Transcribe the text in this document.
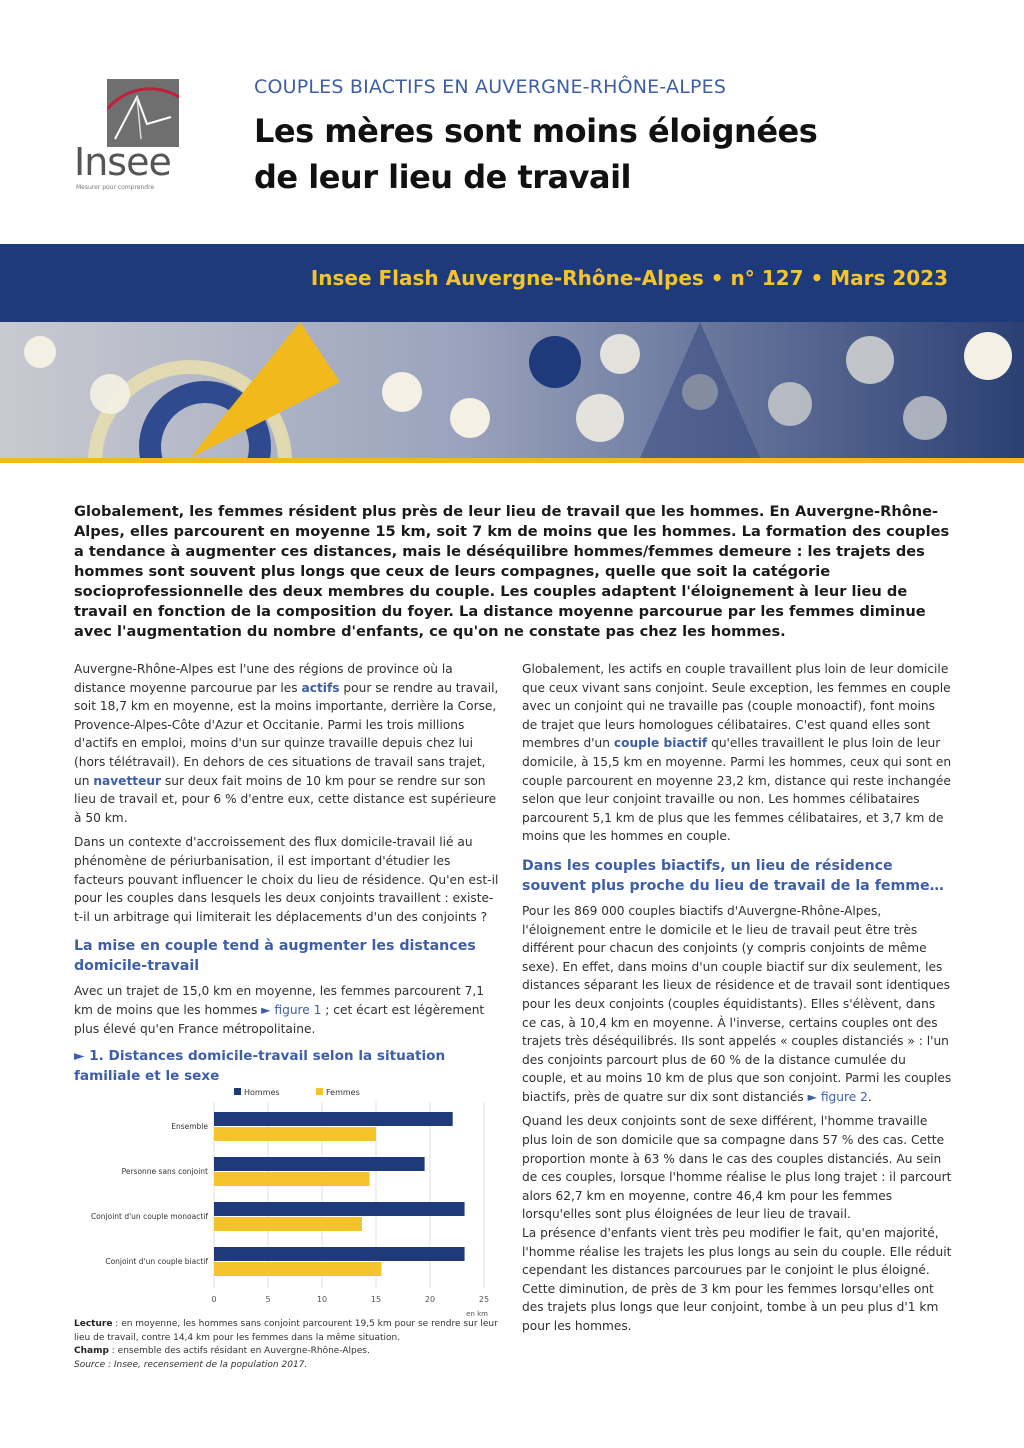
Insee
Mesurer pour comprendre
COUPLES BIACTIFS EN AUVERGNE-RHÔNE-ALPES
Les mères sont moins éloignées
de leur lieu de travail
Insee Flash Auvergne-Rhône-Alpes • n° 127 • Mars 2023

Globalement, les femmes résident plus près de leur lieu de travail que les hommes. En Auvergne-Rhône-Alpes, elles parcourent en moyenne 15 km, soit 7 km de moins que les hommes. La formation des couples a tendance à augmenter ces distances, mais le déséquilibre hommes/femmes demeure : les trajets des hommes sont souvent plus longs que ceux de leurs compagnes, quelle que soit la catégorie socioprofessionnelle des deux membres du couple. Les couples adaptent l'éloignement à leur lieu de travail en fonction de la composition du foyer. La distance moyenne parcourue par les femmes diminue avec l'augmentation du nombre d'enfants, ce qu'on ne constate pas chez les hommes.

Auvergne-Rhône-Alpes est l'une des régions de province où la distance moyenne parcourue par les actifs pour se rendre au travail, soit 18,7 km en moyenne, est la moins importante, derrière la Corse, Provence-Alpes-Côte d'Azur et Occitanie. Parmi les trois millions d'actifs en emploi, moins d'un sur quinze travaille depuis chez lui (hors télétravail). En dehors de ces situations de travail sans trajet, un navetteur sur deux fait moins de 10 km pour se rendre sur son lieu de travail et, pour 6 % d'entre eux, cette distance est supérieure à 50 km.

Dans un contexte d'accroissement des flux domicile-travail lié au phénomène de périurbanisation, il est important d'étudier les facteurs pouvant influencer le choix du lieu de résidence. Qu'en est-il pour les couples dans lesquels les deux conjoints travaillent : existe-t-il un arbitrage qui limiterait les déplacements d'un des conjoints ?

La mise en couple tend à augmenter les distances domicile-travail

Avec un trajet de 15,0 km en moyenne, les femmes parcourent 7,1 km de moins que les hommes ► figure 1 ; cet écart est légèrement plus élevé qu'en France métropolitaine.

► 1. Distances domicile-travail selon la situation familiale et le sexe
0	5	10	15	20	25
en km
Hommes	Femmes
Ensemble
Personne sans conjoint
Conjoint d'un couple monoactif
Conjoint d'un couple biactif

Lecture : en moyenne, les hommes sans conjoint parcourent 19,5 km pour se rendre sur leur lieu de travail, contre 14,4 km pour les femmes dans la même situation.

Champ : ensemble des actifs résidant en Auvergne-Rhône-Alpes.

Source : Insee, recensement de la population 2017.

Globalement, les actifs en couple travaillent plus loin de leur domicile que ceux vivant sans conjoint. Seule exception, les femmes en couple avec un conjoint qui ne travaille pas (couple monoactif), font moins de trajet que leurs homologues célibataires. C'est quand elles sont membres d'un couple biactif qu'elles travaillent le plus loin de leur domicile, à 15,5 km en moyenne. Parmi les hommes, ceux qui sont en couple parcourent en moyenne 23,2 km, distance qui reste inchangée selon que leur conjoint travaille ou non. Les hommes célibataires parcourent 5,1 km de plus que les femmes célibataires, et 3,7 km de moins que les hommes en couple.

Dans les couples biactifs, un lieu de résidence souvent plus proche du lieu de travail de la femme…

Pour les 869 000 couples biactifs d'Auvergne-Rhône-Alpes, l'éloignement entre le domicile et le lieu de travail peut être très différent pour chacun des conjoints (y compris conjoints de même sexe). En effet, dans moins d'un couple biactif sur dix seulement, les distances séparant les lieux de résidence et de travail sont identiques pour les deux conjoints (couples équidistants). Elles s'élèvent, dans ce cas, à 10,4 km en moyenne. À l'inverse, certains couples ont des trajets très déséquilibrés. Ils sont appelés « couples distanciés » : l'un des conjoints parcourt plus de 60 % de la distance cumulée du couple, et au moins 10 km de plus que son conjoint. Parmi les couples biactifs, près de quatre sur dix sont distanciés ► figure 2.

Quand les deux conjoints sont de sexe différent, l'homme travaille plus loin de son domicile que sa compagne dans 57 % des cas. Cette proportion monte à 63 % dans le cas des couples distanciés. Au sein de ces couples, lorsque l'homme réalise le plus long trajet : il parcourt alors 62,7 km en moyenne, contre 46,4 km pour les femmes lorsqu'elles sont plus éloignées de leur lieu de travail.

La présence d'enfants vient très peu modifier le fait, qu'en majorité, l'homme réalise les trajets les plus longs au sein du couple. Elle réduit cependant les distances parcourues par le conjoint le plus éloigné. Cette diminution, de près de 3 km pour les femmes lorsqu'elles ont des trajets plus longs que leur conjoint, tombe à un peu plus d'1 km pour les hommes.
